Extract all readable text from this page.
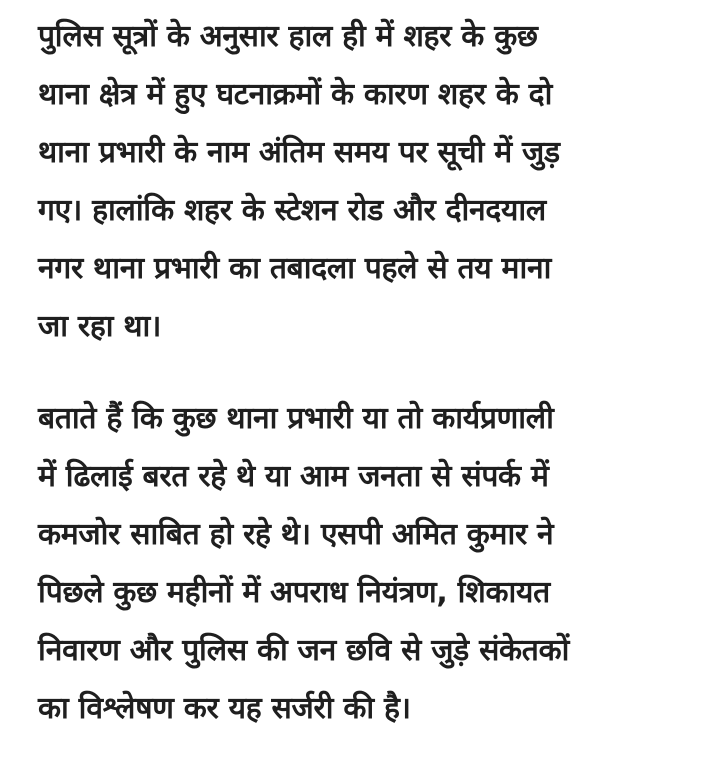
पुलिस सूत्रों के अनुसार हाल ही में शहर के कुछ
थाना क्षेत्र में हुए घटनाक्रमों के कारण शहर के दो
थाना प्रभारी के नाम अंतिम समय पर सूची में जुड़
गए। हालांकि शहर के स्टेशन रोड और दीनदयाल
नगर थाना प्रभारी का तबादला पहले से तय माना
जा रहा था।
बताते हैं कि कुछ थाना प्रभारी या तो कार्यप्रणाली
में ढिलाई बरत रहे थे या आम जनता से संपर्क में
कमजोर साबित हो रहे थे। एसपी अमित कुमार ने
पिछले कुछ महीनों में अपराध नियंत्रण, शिकायत
निवारण और पुलिस की जन छवि से जुड़े संकेतकों
का विश्लेषण कर यह सर्जरी की है।
